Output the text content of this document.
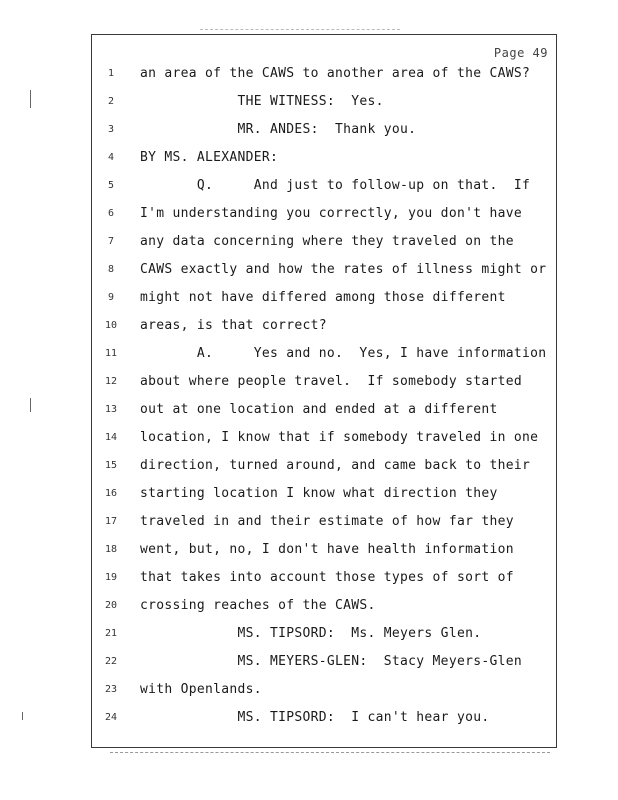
Page 49
1	an area of the CAWS to another area of the CAWS?
2	THE WITNESS:  Yes.
3	MR. ANDES:  Thank you.
4	BY MS. ALEXANDER:
5	Q.     And just to follow-up on that.  If
6	I'm understanding you correctly, you don't have
7	any data concerning where they traveled on the
8	CAWS exactly and how the rates of illness might or
9	might not have differed among those different
10	areas, is that correct?
11	A.     Yes and no.  Yes, I have information
12	about where people travel.  If somebody started
13	out at one location and ended at a different
14	location, I know that if somebody traveled in one
15	direction, turned around, and came back to their
16	starting location I know what direction they
17	traveled in and their estimate of how far they
18	went, but, no, I don't have health information
19	that takes into account those types of sort of
20	crossing reaches of the CAWS.
21	MS. TIPSORD:  Ms. Meyers Glen.
22	MS. MEYERS-GLEN:  Stacy Meyers-Glen
23	with Openlands.
24	MS. TIPSORD:  I can't hear you.
